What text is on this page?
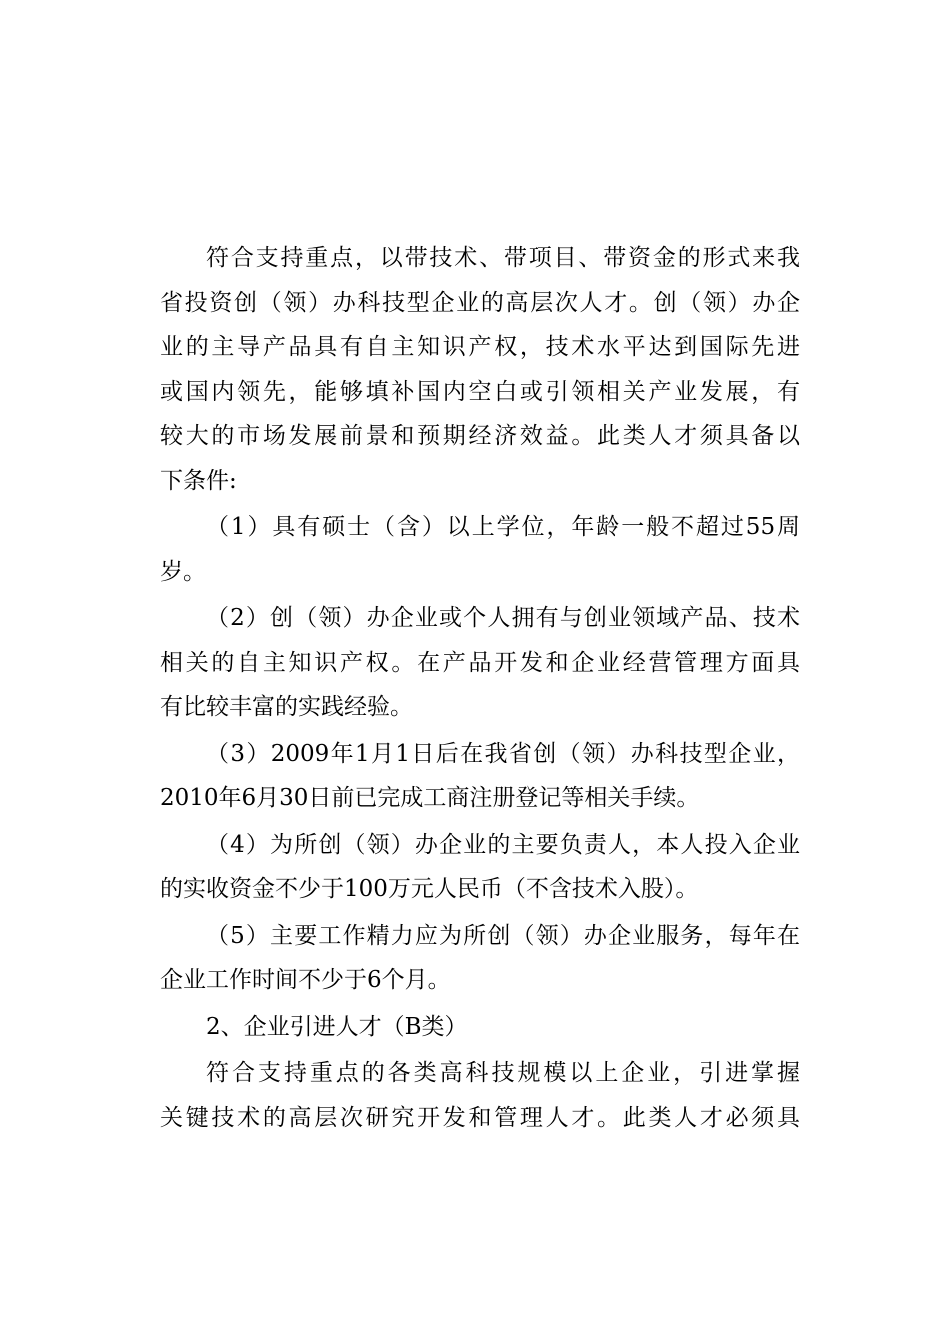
符合支持重点，以带技术、带项目、带资金的形式来我
省投资创（领）办科技型企业的高层次人才。创（领）办企
业的主导产品具有自主知识产权，技术水平达到国际先进
或国内领先，能够填补国内空白或引领相关产业发展，有
较大的市场发展前景和预期经济效益。此类人才须具备以
下条件:
（1）具有硕士（含）以上学位，年龄一般不超过55周
岁。
（2）创（领）办企业或个人拥有与创业领域产品、技术
相关的自主知识产权。在产品开发和企业经营管理方面具
有比较丰富的实践经验。
（3）2009年1月1日后在我省创（领）办科技型企业，
2010年6月30日前已完成工商注册登记等相关手续。
（4）为所创（领）办企业的主要负责人，本人投入企业
的实收资金不少于100万元人民币（不含技术入股）。
（5）主要工作精力应为所创（领）办企业服务，每年在
企业工作时间不少于6个月。
2、企业引进人才（B类）
符合支持重点的各类高科技规模以上企业，引进掌握
关键技术的高层次研究开发和管理人才。此类人才必须具
